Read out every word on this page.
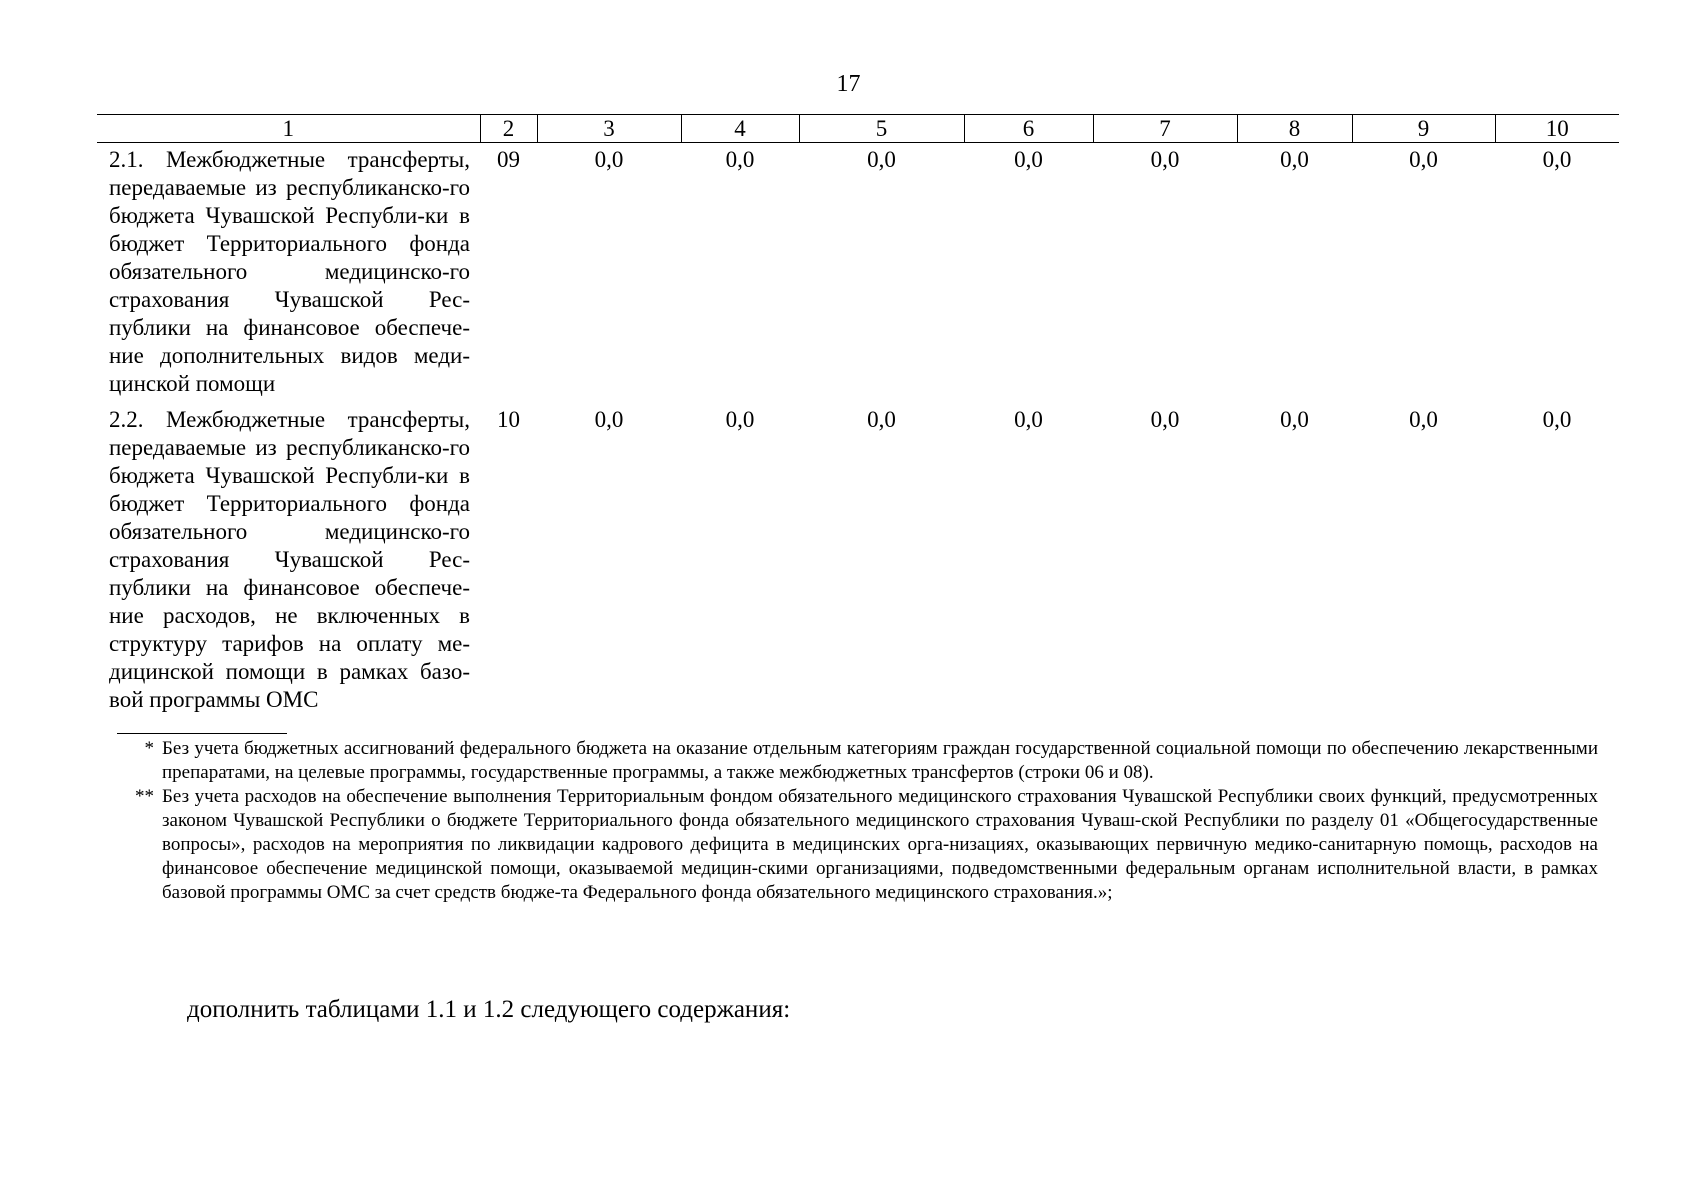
17
1	2	3	4	5	6	7	8	9	10
2.1. Межбюджетные трансферты, передаваемые из республиканско-го бюджета Чувашской Республи-ки в бюджет Территориального фонда обязательного медицинско-го страхования Чувашской Рес-публики на финансовое обеспече-ние дополнительных видов меди-цинской помощи	09	0,0	0,0	0,0	0,0	0,0	0,0	0,0	0,0
2.2. Межбюджетные трансферты, передаваемые из республиканско-го бюджета Чувашской Республи-ки в бюджет Территориального фонда обязательного медицинско-го страхования Чувашской Рес-публики на финансовое обеспече-ние расходов, не включенных в структуру тарифов на оплату ме-дицинской помощи в рамках базо-вой программы ОМС	10	0,0	0,0	0,0	0,0	0,0	0,0	0,0	0,0
* Без учета бюджетных ассигнований федерального бюджета на оказание отдельным категориям граждан государственной социальной помощи по обеспечению лекарственными препаратами, на целевые программы, государственные программы, а также межбюджетных трансфертов (строки 06 и 08).
** Без учета расходов на обеспечение выполнения Территориальным фондом обязательного медицинского страхования Чувашской Республики своих функций, предусмотренных законом Чувашской Республики о бюджете Территориального фонда обязательного медицинского страхования Чуваш-ской Республики по разделу 01 «Общегосударственные вопросы», расходов на мероприятия по ликвидации кадрового дефицита в медицинских орга-низациях, оказывающих первичную медико-санитарную помощь, расходов на финансовое обеспечение медицинской помощи, оказываемой медицин-скими организациями, подведомственными федеральным органам исполнительной власти, в рамках базовой программы ОМС за счет средств бюдже-та Федерального фонда обязательного медицинского страхования.»;
дополнить таблицами 1.1 и 1.2 следующего содержания:
